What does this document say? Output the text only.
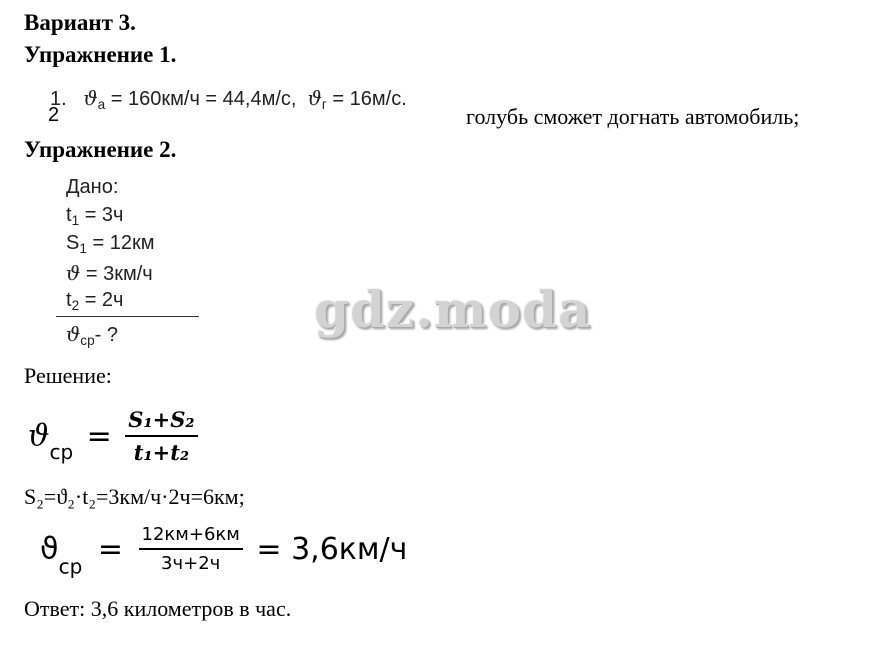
Вариант 3.
Упражнение 1.
1. $ϑ_а = 160км/ч = 44,4м/с$, $ϑ_г = 16м/с$.
2	голубь сможет догнать автомобиль;
Упражнение 2.
Дано:
$t_1 = 3ч$
$S_1 = 12км$
ϑ = 3км/ч
$t_2 = 2ч$
$ϑ_{ср}-$ ?	gdz.moda
Решение:
$ϑ_{ср} = \frac{\text{S₁+S₂}}{\text{t₁+t₂}}$
S₂=ϑ₂·t₂=3км/ч·2ч=6км;
$ϑ_{ср} = \frac{12км+6км}{3ч+2ч} = 3,6км/ч$
Ответ: 3,6 километров в час.
